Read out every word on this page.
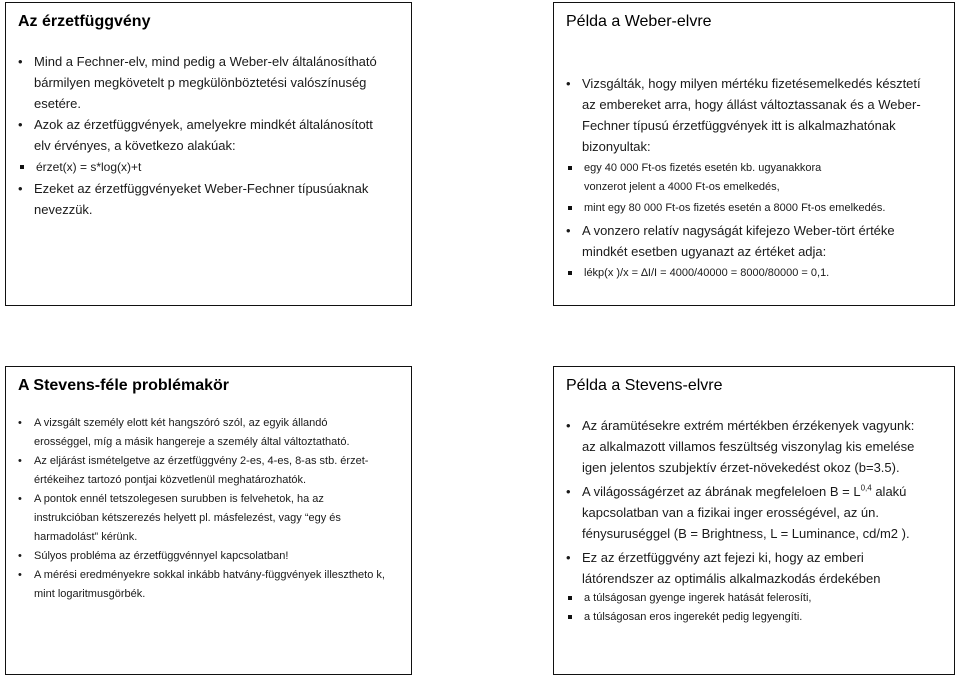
Az érzetfüggvény

• Mind a Fechner-elv, mind pedig a Weber-elv általánosítható
bármilyen megkövetelt p megkülönböztetési valószínuség
esetére.

• Azok az érzetfüggvények, amelyekre mindkét általánosított
elv érvényes, a következo alakúak:

érzet(x) = s*log(x)+t

• Ezeket az érzetfüggvényeket Weber-Fechner típusúaknak
nevezzük.

Példa a Weber-elvre

• Vizsgálták, hogy milyen mértéku fizetésemelkedés késztetí
az embereket arra, hogy állást változtassanak és a Weber-
Fechner típusú érzetfüggvények itt is alkalmazhatónak
bizonyultak:

egy 40 000 Ft-os fizetés esetén kb. ugyanakkora
vonzerot jelent a 4000 Ft-os emelkedés,

mint egy 80 000 Ft-os fizetés esetén a 8000 Ft-os emelkedés.

• A vonzero relatív nagyságát kifejezo Weber-tört értéke
mindkét esetben ugyanazt az értéket adja:

lékp(x )/x = ∆I/I = 4000/40000 = 8000/80000 = 0,1.

A Stevens-féle problémakör

• A vizsgált személy elott két hangszóró szól, az egyik állandó
erosséggel, míg a másik hangereje a személy által változtatható.

• Az eljárást ismételgetve az érzetfüggvény 2-es, 4-es, 8-as stb. érzet-
értékeihez tartozó pontjai közvetlenül meghatározhatók.

• A pontok ennél tetszolegesen surubben is felvehetok, ha az
instrukcióban kétszerezés helyett pl. másfelezést, vagy “egy és
harmadolást” kérünk.

• Súlyos probléma az érzetfüggvénnyel kapcsolatban!

• A mérési eredményekre sokkal inkább hatvány-függvények illesztheto k,
mint logaritmusgörbék.

Példa a Stevens-elvre

• Az áramütésekre extrém mértékben érzékenyek vagyunk:
az alkalmazott villamos feszültség viszonylag kis emelése
igen jelentos szubjektív érzet-növekedést okoz (b=3.5).

• A világosságérzet az ábrának megfeleloen B = L$^{0,4}$ alakú
kapcsolatban van a fizikai inger erosségével, az ún.
fénysuruséggel (B = Brightness, L = Luminance, cd/m2 ).

• Ez az érzetfüggvény azt fejezi ki, hogy az emberi
látórendszer az optimális alkalmazkodás érdekében

a túlságosan gyenge ingerek hatását felerosíti,

a túlságosan eros ingerekét pedig legyengíti.
